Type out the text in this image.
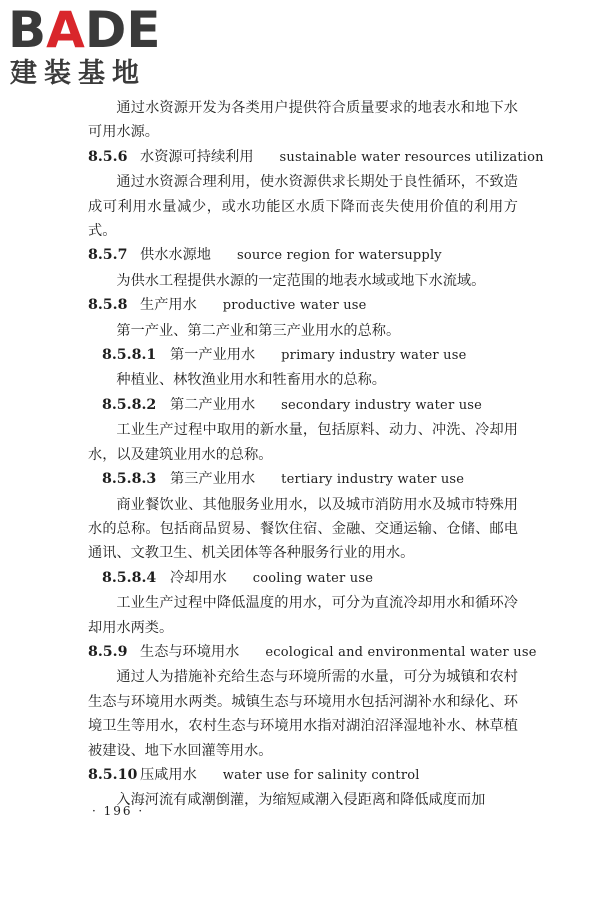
BADE
建装基地

通过水资源开发为各类用户提供符合质量要求的地表水和地下水可用水源。

8.5.6 水资源可持续利用 sustainable water resources utilization

通过水资源合理利用，使水资源供求长期处于良性循环，不致造成可利用水量减少，或水功能区水质下降而丧失使用价值的利用方式。

8.5.7 供水水源地 source region for watersupply

为供水工程提供水源的一定范围的地表水域或地下水流域。

8.5.8 生产用水 productive water use

第一产业、第二产业和第三产业用水的总称。

8.5.8.1 第一产业用水 primary industry water use

种植业、林牧渔业用水和牲畜用水的总称。

8.5.8.2 第二产业用水 secondary industry water use

工业生产过程中取用的新水量，包括原料、动力、冲洗、冷却用水，以及建筑业用水的总称。

8.5.8.3 第三产业用水 tertiary industry water use

商业餐饮业、其他服务业用水，以及城市消防用水及城市特殊用水的总称。包括商品贸易、餐饮住宿、金融、交通运输、仓储、邮电通讯、文教卫生、机关团体等各种服务行业的用水。

8.5.8.4 冷却用水 cooling water use

工业生产过程中降低温度的用水，可分为直流冷却用水和循环冷却用水两类。

8.5.9 生态与环境用水 ecological and environmental water use

通过人为措施补充给生态与环境所需的水量，可分为城镇和农村生态与环境用水两类。城镇生态与环境用水包括河湖补水和绿化、环境卫生等用水，农村生态与环境用水指对湖泊沼泽湿地补水、林草植被建设、地下水回灌等用水。

8.5.10 压咸用水 water use for salinity control

入海河流有咸潮倒灌，为缩短咸潮入侵距离和降低咸度而加

· 196 ·
